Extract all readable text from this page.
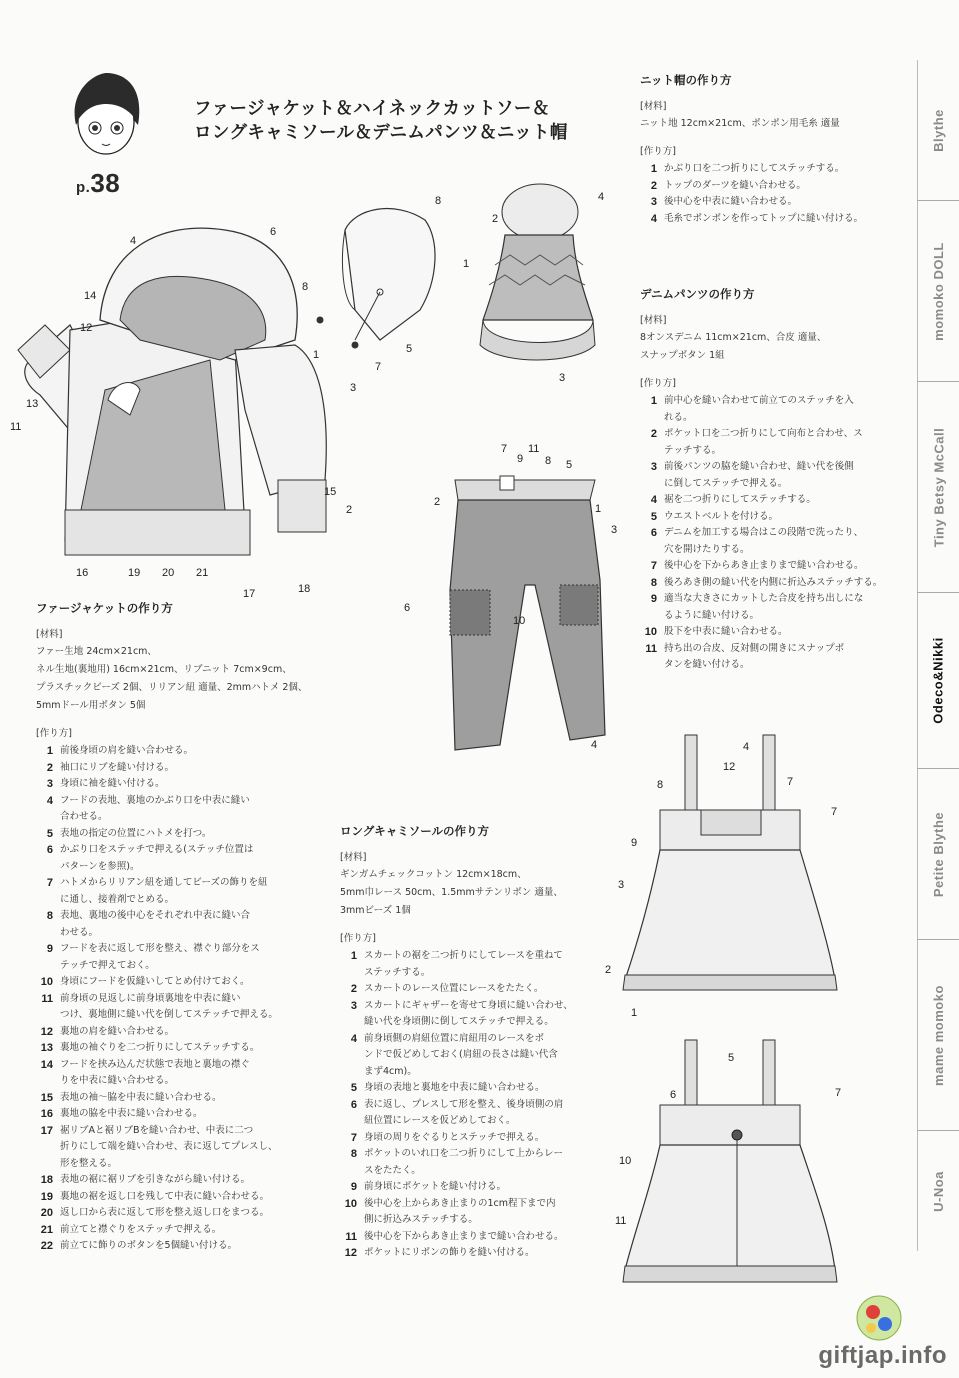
p.38
ファージャケット＆ハイネックカットソー＆
ロングキャミソール＆デニムパンツ＆ニット帽
4
6
8
14
12
1
13
3
11
15
2
16	19 20 21
17	18
8
5
7
4
2
1
3
7
9
11
8 5
2
1
3
6
10
4	4
12
8	7
7
9
3
2
1
5
6	7
10
11
ニット帽の作り方
[材料]
ニット地 12cm×21cm、ポンポン用毛糸 適量
[作り方]
1 かぶり口を二つ折りにしてステッチする。
2 トップのダーツを縫い合わせる。
3 後中心を中表に縫い合わせる。
4 毛糸でボンボンを作ってトップに縫い付ける。
デニムパンツの作り方
[材料]
8オンスデニム 11cm×21cm、合皮 適量、
スナップボタン 1組
[作り方]
1 前中心を縫い合わせて前立てのステッチを入
れる。
2 ポケット口を二つ折りにして向布と合わせ、ス
テッチする。
3 前後パンツの脇を縫い合わせ、縫い代を後側
に倒してステッチで押える。
4 裾を二つ折りにしてステッチする。
5 ウエストベルトを付ける。
6 デニムを加工する場合はこの段階で洗ったり、
穴を開けたりする。
7 後中心を下からあき止まりまで縫い合わせる。
8 後ろあき側の縫い代を内側に折込みステッチする。
9 適当な大きさにカットした合皮を持ち出しにな
るように縫い付ける。
10 股下を中表に縫い合わせる。
11 持ち出の合皮、反対側の開きにスナップボ
タンを縫い付ける。
ファージャケットの作り方
[材料]
ファー生地 24cm×21cm、
ネル生地(裏地用) 16cm×21cm、リブニット 7cm×9cm、
プラスチックビーズ 2個、リリアン紐 適量、2mmハトメ 2個、
5mmドール用ボタン 5個
[作り方]
1 前後身頃の肩を縫い合わせる。
2 袖口にリブを縫い付ける。
3 身頃に袖を縫い付ける。
4 フードの表地、裏地のかぶり口を中表に縫い
合わせる。
5 表地の指定の位置にハトメを打つ。
6 かぶり口をステッチで押える(ステッチ位置は
パターンを参照)。
7 ハトメからリリアン紐を通してビーズの飾りを紐
に通し、接着剤でとめる。
8 表地、裏地の後中心をそれぞれ中表に縫い合
わせる。
9 フードを表に返して形を整え、襟ぐり部分をス
テッチで押えておく。
10 身頃にフードを仮縫いしてとめ付けておく。
11 前身頃の見返しに前身頃裏地を中表に縫い
つけ、裏地側に縫い代を倒してステッチで押える。
12 裏地の肩を縫い合わせる。
13 裏地の袖ぐりを二つ折りにしてステッチする。
14 フードを挟み込んだ状態で表地と裏地の襟ぐ
りを中表に縫い合わせる。
15 表地の袖〜脇を中表に縫い合わせる。
16 裏地の脇を中表に縫い合わせる。
17 裾リブAと裾リブBを縫い合わせ、中表に二つ
折りにして端を縫い合わせ、表に返してプレスし、
形を整える。
18 表地の裾に裾リブを引きながら縫い付ける。
19 裏地の裾を返し口を残して中表に縫い合わせる。
20 返し口から表に返して形を整え返し口をまつる。
21 前立てと襟ぐりをステッチで押える。
22 前立てに飾りのボタンを5個縫い付ける。
ロングキャミソールの作り方
[材料]
ギンガムチェックコットン 12cm×18cm、
5mm巾レース 50cm、1.5mmサテンリボン 適量、
3mmビーズ 1個
[作り方]
1 スカートの裾を二つ折りにしてレースを重ねて
ステッチする。
2 スカートのレース位置にレースをたたく。
3 スカートにギャザーを寄せて身頃に縫い合わせ、
縫い代を身頃側に倒してステッチで押える。
4 前身頃側の肩紐位置に肩紐用のレースをボ
ンドで仮どめしておく(肩紐の長さは縫い代含
まず4cm)。
5 身頃の表地と裏地を中表に縫い合わせる。
6 表に返し、プレスして形を整え、後身頃側の肩
紐位置にレースを仮どめしておく。
7 身頃の周りをぐるりとステッチで押える。
8 ポケットのいれ口を二つ折りにして上からレー
スをたたく。
9 前身頃にポケットを縫い付ける。
10 後中心を上からあき止まりの1cm程下まで内
側に折込みステッチする。
11 後中心を下からあき止まりまで縫い合わせる。
12 ポケットにリボンの飾りを縫い付ける。
Blythe
momoko DOLL
Tiny Betsy McCall
Odeco&Nikki
Petite Blythe
mame momoko
U-Noa
giftjap.info
